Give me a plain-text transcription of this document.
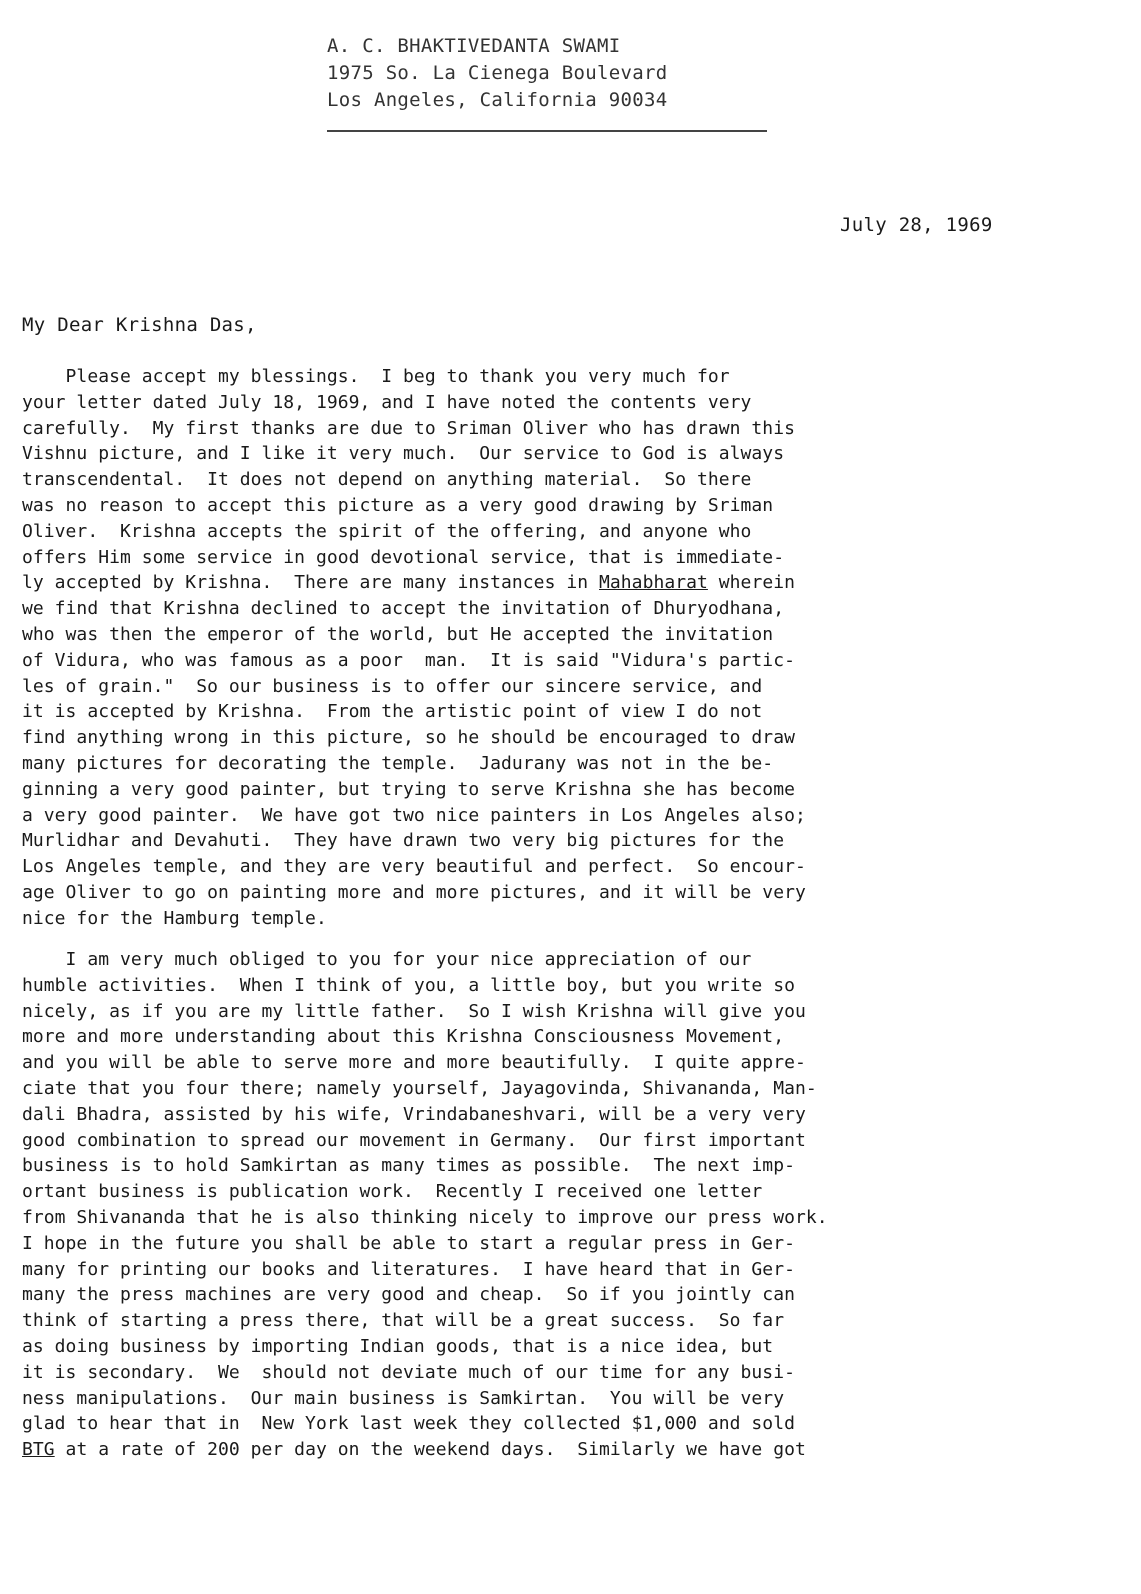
A. C. BHAKTIVEDANTA SWAMI
1975 So. La Cienega Boulevard
Los Angeles, California 90034
July 28, 1969
My Dear Krishna Das,
Please accept my blessings.  I beg to thank you very much for
your letter dated July 18, 1969, and I have noted the contents very
carefully.  My first thanks are due to Sriman Oliver who has drawn this
Vishnu picture, and I like it very much.  Our service to God is always
transcendental.  It does not depend on anything material.  So there
was no reason to accept this picture as a very good drawing by Sriman
Oliver.  Krishna accepts the spirit of the offering, and anyone who
offers Him some service in good devotional service, that is immediate-
ly accepted by Krishna.  There are many instances in Mahabharat wherein
we find that Krishna declined to accept the invitation of Dhuryodhana,
who was then the emperor of the world, but He accepted the invitation
of Vidura, who was famous as a poor  man.  It is said "Vidura's partic-
les of grain."  So our business is to offer our sincere service, and
it is accepted by Krishna.  From the artistic point of view I do not
find anything wrong in this picture, so he should be encouraged to draw
many pictures for decorating the temple.  Jadurany was not in the be-
ginning a very good painter, but trying to serve Krishna she has become
a very good painter.  We have got two nice painters in Los Angeles also;
Murlidhar and Devahuti.  They have drawn two very big pictures for the
Los Angeles temple, and they are very beautiful and perfect.  So encour-
age Oliver to go on painting more and more pictures, and it will be very
nice for the Hamburg temple.
I am very much obliged to you for your nice appreciation of our
humble activities.  When I think of you, a little boy, but you write so
nicely, as if you are my little father.  So I wish Krishna will give you
more and more understanding about this Krishna Consciousness Movement,
and you will be able to serve more and more beautifully.  I quite appre-
ciate that you four there; namely yourself, Jayagovinda, Shivananda, Man-
dali Bhadra, assisted by his wife, Vrindabaneshvari, will be a very very
good combination to spread our movement in Germany.  Our first important
business is to hold Samkirtan as many times as possible.  The next imp-
ortant business is publication work.  Recently I received one letter
from Shivananda that he is also thinking nicely to improve our press work.
I hope in the future you shall be able to start a regular press in Ger-
many for printing our books and literatures.  I have heard that in Ger-
many the press machines are very good and cheap.  So if you jointly can
think of starting a press there, that will be a great success.  So far
as doing business by importing Indian goods, that is a nice idea, but
it is secondary.  We  should not deviate much of our time for any busi-
ness manipulations.  Our main business is Samkirtan.  You will be very
glad to hear that in  New York last week they collected $1,000 and sold
BTG at a rate of 200 per day on the weekend days.  Similarly we have got
